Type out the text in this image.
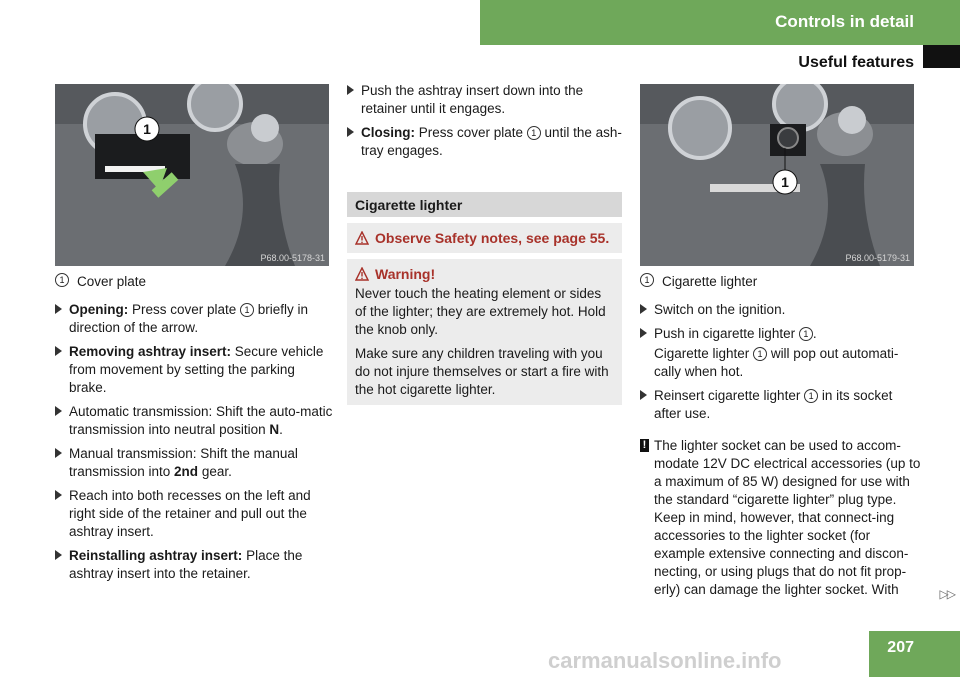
Controls in detail
Useful features
1
P68.00-5178-31
1 Cover plate
Opening: Press cover plate 1 briefly in direction of the arrow.
Removing ashtray insert: Secure vehicle from movement by setting the parking brake.
Automatic transmission: Shift the auto-matic transmission into neutral position N.
Manual transmission: Shift the manual transmission into 2nd gear.
Reach into both recesses on the left and right side of the retainer and pull out the ashtray insert.
Reinstalling ashtray insert: Place the ashtray insert into the retainer.
Push the ashtray insert down into the retainer until it engages.
Closing: Press cover plate 1 until the ash-tray engages.
Cigarette lighter
Observe Safety notes, see page 55.
Warning!
Never touch the heating element or sides of the lighter; they are extremely hot. Hold the knob only.
Make sure any children traveling with you do not injure themselves or start a fire with the hot cigarette lighter.
1
P68.00-5179-31
1 Cigarette lighter
Switch on the ignition.
Push in cigarette lighter 1 .
Cigarette lighter 1 will pop out automati-cally when hot.
Reinsert cigarette lighter 1 in its socket after use.
! The lighter socket can be used to accom-modate 12V DC electrical accessories (up to a maximum of 85 W) designed for use with the standard “cigarette lighter” plug type. Keep in mind, however, that connect-ing accessories to the lighter socket (for example extensive connecting and discon-necting, or using plugs that do not fit prop-erly) can damage the lighter socket. With	▷▷
207
carmanualsonline.info
